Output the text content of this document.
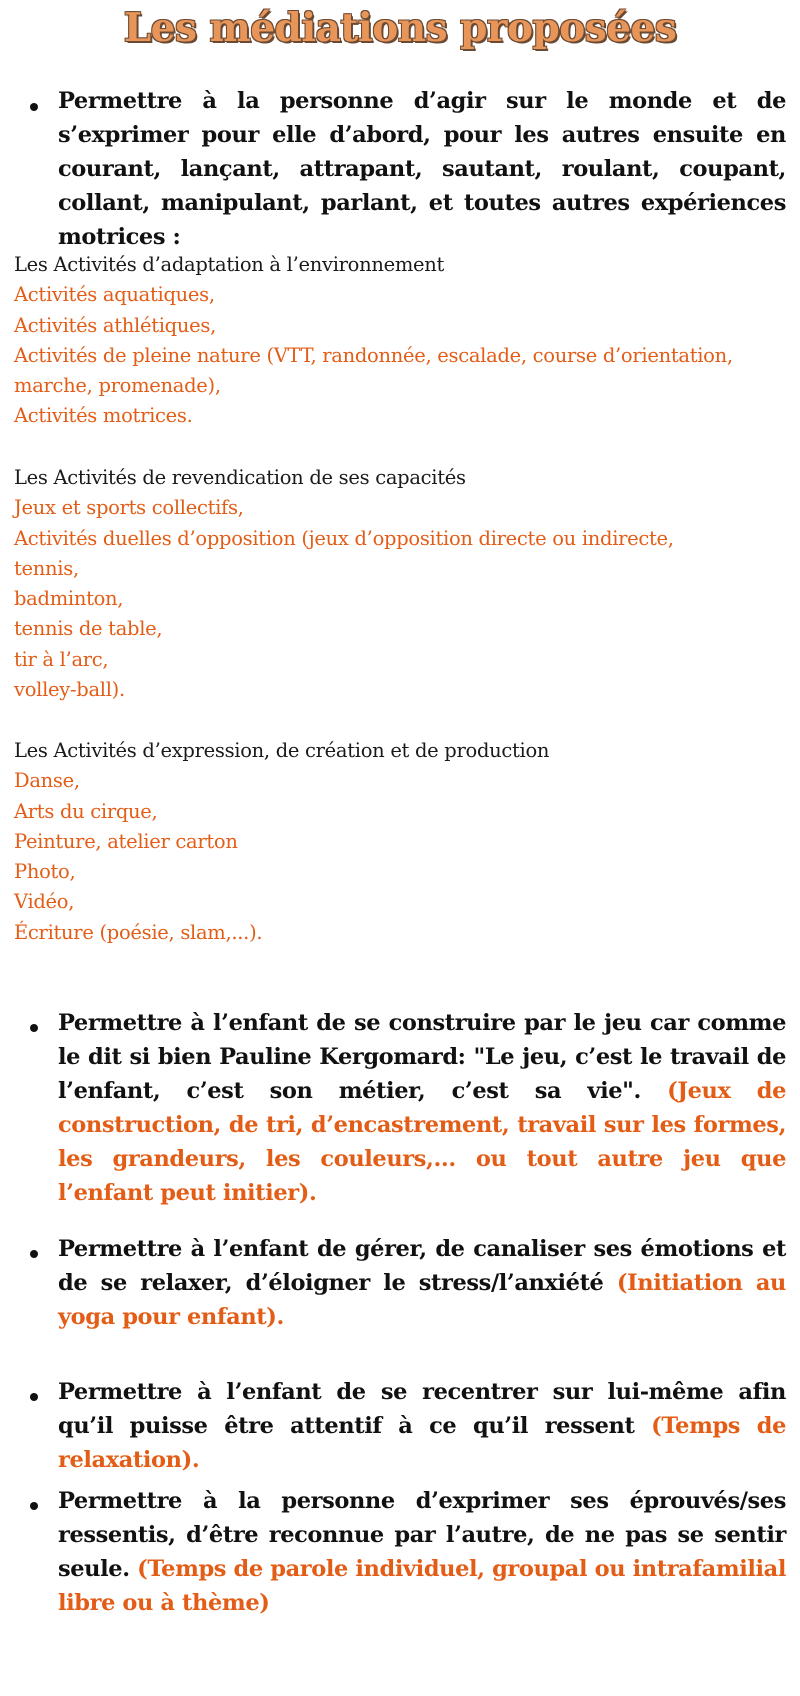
Les médiations proposées
Permettre à la personne d’agir sur le monde et de s’exprimer pour elle d’abord, pour les autres ensuite en courant, lançant, attrapant, sautant, roulant, coupant, collant, manipulant, parlant, et toutes autres expériences motrices :
Les Activités d’adaptation à l’environnement
Activités aquatiques,
Activités athlétiques,
Activités de pleine nature (VTT, randonnée, escalade, course d’orientation,
marche, promenade),
Activités motrices.
Les Activités de revendication de ses capacités
Jeux et sports collectifs,
Activités duelles d’opposition (jeux d’opposition directe ou indirecte,
tennis,
badminton,
tennis de table,
tir à l’arc,
volley-ball).
Les Activités d’expression, de création et de production
Danse,
Arts du cirque,
Peinture, atelier carton
Photo,
Vidéo,
Écriture (poésie, slam,...).
Permettre à l’enfant de se construire par le jeu car comme le dit si bien Pauline Kergomard: "Le jeu, c’est le travail de l’enfant, c’est son métier, c’est sa vie". (Jeux de construction, de tri, d’encastrement, travail sur les formes, les grandeurs, les couleurs,... ou tout autre jeu que l’enfant peut initier).
Permettre à l’enfant de gérer, de canaliser ses émotions et de se relaxer, d’éloigner le stress/l’anxiété (Initiation au yoga pour enfant).
Permettre à l’enfant de se recentrer sur lui-même afin qu’il puisse être attentif à ce qu’il ressent (Temps de relaxation).
Permettre à la personne d’exprimer ses éprouvés/ses ressentis, d’être reconnue par l’autre, de ne pas se sentir seule. (Temps de parole individuel, groupal ou intrafamilial libre ou à thème)
